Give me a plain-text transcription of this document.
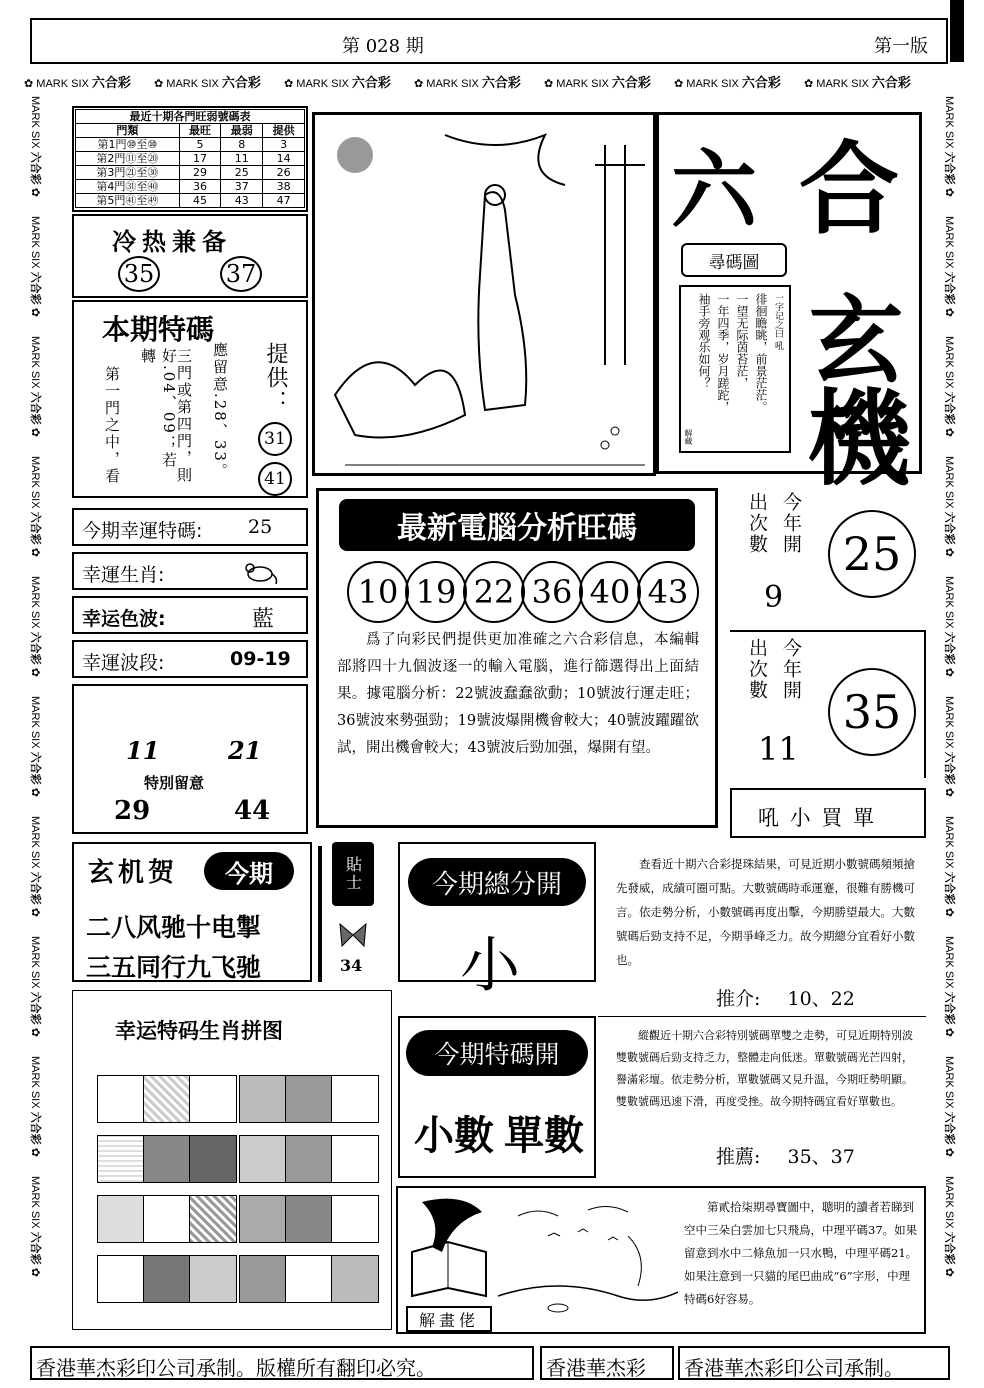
第 028 期	第一版
✿ MARK SIX 六合彩 ✿ MARK SIX 六合彩 ✿ MARK SIX 六合彩 ✿ MARK SIX 六合彩 ✿ MARK SIX 六合彩 ✿ MARK SIX 六合彩 ✿ MARK SIX 六合彩
MARK SIX 六合彩 ✿
MARK SIX 六合彩 ✿
MARK SIX 六合彩 ✿
MARK SIX 六合彩 ✿
MARK SIX 六合彩 ✿
MARK SIX 六合彩 ✿
MARK SIX 六合彩 ✿
MARK SIX 六合彩 ✿
MARK SIX 六合彩 ✿
MARK SIX 六合彩 ✿
MARK SIX 六合彩 ✿
MARK SIX 六合彩 ✿
MARK SIX 六合彩 ✿
MARK SIX 六合彩 ✿
MARK SIX 六合彩 ✿
MARK SIX 六合彩 ✿
MARK SIX 六合彩 ✿
MARK SIX 六合彩 ✿
MARK SIX 六合彩 ✿
MARK SIX 六合彩 ✿
最近十期各門旺弱號碼表			
門類	最旺	最弱	提供
第1門⑩至⑩	5	8	3
第2門⑪至⑳	17	11	14
第3門㉑至㉚	29	25	26
第4門㉛至㊵	36	37	38
第5門㊶至㊾	45	43	47
冷热兼备
35	37
本期特碼
第一門之中，看	好.04、09；若轉	三門或第四門，則 應留意.28、33。 提供：
31
41
今期幸運特碼: 25
幸運生肖:
幸运色波:	藍
幸運波段:	09-19
11	21
特別留意
29	44
六 合
玄
機
尋碼圖
一字记之曰 吼
徘徊瞻眺，前景茫茫。
一望无际茵苔茫，
一年四季，岁月蹉跎，
袖手旁观乐如何？
解藏
最新電腦分析旺碼
10 19 22 36 40 43
爲了向彩民們提供更加准確之六合彩信息，本編輯部將四十九個波逐一的輸入電腦，進行篩選得出上面結果。據電腦分析：22號波蠢蠢欲動；10號波行運走旺；36號波來勢强勁；19號波爆開機會較大；40號波躍躍欲試，開出機會較大；43號波后勁加强，爆開有望。
今年開出次數
9
25
今年開出次數
11
35
吼 小 買 單
玄机贺	今期
二八风驰十电掣
三五同行九飞驰
貼士
34
今期總分開
小
查看近十期六合彩提珠結果，可見近期小數號碼頻頻搶先發威，成績可圈可點。大數號碼時乖運蹇，很難有勝機可言。依走勢分析，小數號碼再度出擊，今期勝望最大。大數號碼后勁支持不足，今期爭峰乏力。故今期總分宜看好小數也。
推介: 10、22
幸运特码生肖拼图
今期特碼開
小數 單數
縱觀近十期六合彩特別號碼單雙之走勢，可見近期特別波雙數號碼后勁支持乏力，整體走向低迷。單數號碼光芒四射，譽滿彩壇。依走勢分析，單數號碼又見升温，今期旺勢明顯。雙數號碼迅速下滑，再度受挫。故今期特碼宜看好單數也。
推薦: 35、37
解畫佬
第貳拾柒期尋寶圖中，聰明的讀者若睇到空中三朵白雲加七只飛鳥，中理平碼37。如果留意到水中二條魚加一只水鴨，中理平碼21。如果注意到一只貓的尾巴曲成“6”字形，中理特碼6好容易。
香港華杰彩印公司承制。版權所有翻印必究。	香港華杰彩 香港華杰彩印公司承制。
